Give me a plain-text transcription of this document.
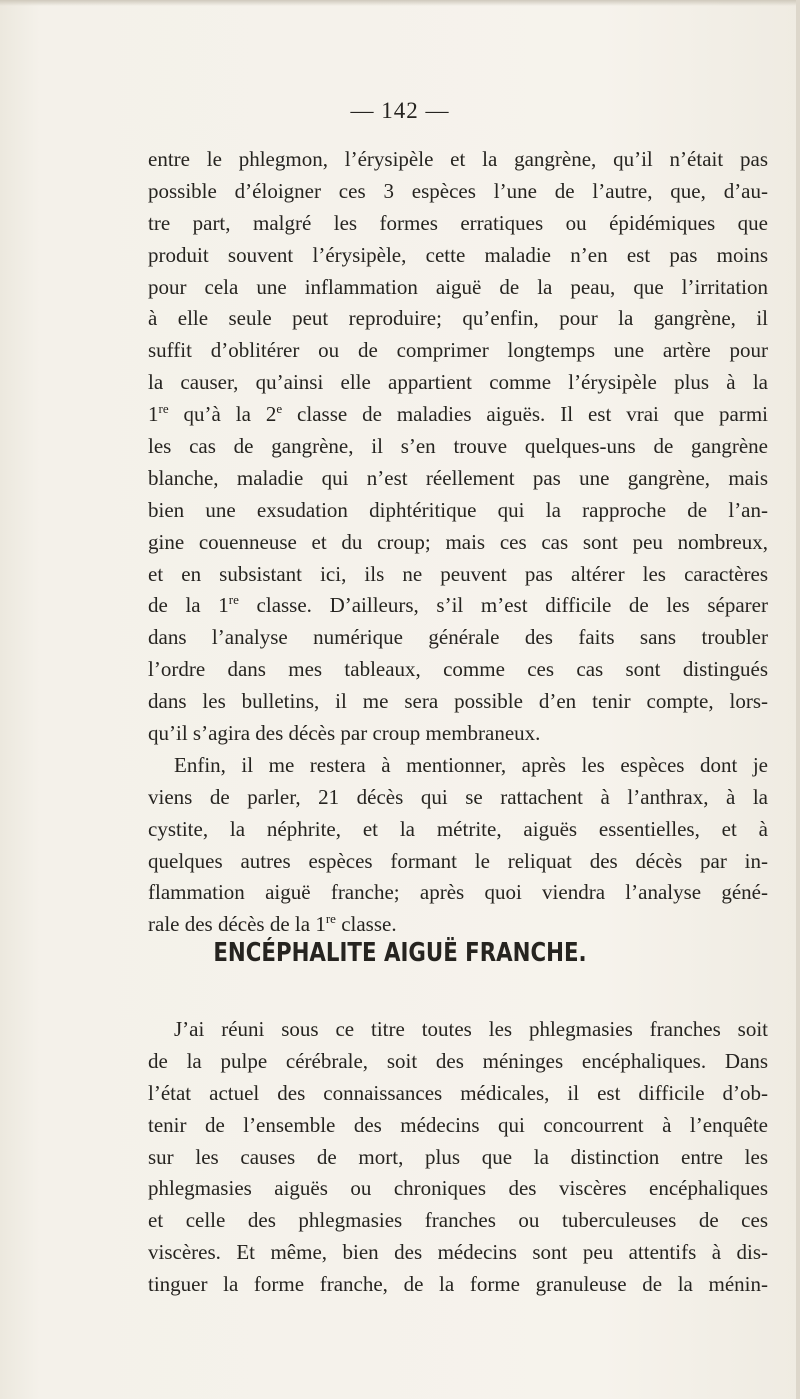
— 142 —
entre le phlegmon, l’érysipèle et la gangrène, qu’il n’était pas
possible d’éloigner ces 3 espèces l’une de l’autre, que, d’au-
tre part, malgré les formes erratiques ou épidémiques que
produit souvent l’érysipèle, cette maladie n’en est pas moins
pour cela une inflammation aiguë de la peau, que l’irritation
à elle seule peut reproduire; qu’enfin, pour la gangrène, il
suffit d’oblitérer ou de comprimer longtemps une artère pour
la causer, qu’ainsi elle appartient comme l’érysipèle plus à la
1re qu’à la 2e classe de maladies aiguës. Il est vrai que parmi
les cas de gangrène, il s’en trouve quelques-uns de gangrène
blanche, maladie qui n’est réellement pas une gangrène, mais
bien une exsudation diphtéritique qui la rapproche de l’an-
gine couenneuse et du croup; mais ces cas sont peu nombreux,
et en subsistant ici, ils ne peuvent pas altérer les caractères
de la 1re classe. D’ailleurs, s’il m’est difficile de les séparer
dans l’analyse numérique générale des faits sans troubler
l’ordre dans mes tableaux, comme ces cas sont distingués
dans les bulletins, il me sera possible d’en tenir compte, lors-
qu’il s’agira des décès par croup membraneux.
Enfin, il me restera à mentionner, après les espèces dont je
viens de parler, 21 décès qui se rattachent à l’anthrax, à la
cystite, la néphrite, et la métrite, aiguës essentielles, et à
quelques autres espèces formant le reliquat des décès par in-
flammation aiguë franche; après quoi viendra l’analyse géné-
rale des décès de la 1re classe.
ENCÉPHALITE AIGUË FRANCHE.
J’ai réuni sous ce titre toutes les phlegmasies franches soit
de la pulpe cérébrale, soit des méninges encéphaliques. Dans
l’état actuel des connaissances médicales, il est difficile d’ob-
tenir de l’ensemble des médecins qui concourrent à l’enquête
sur les causes de mort, plus que la distinction entre les
phlegmasies aiguës ou chroniques des viscères encéphaliques
et celle des phlegmasies franches ou tuberculeuses de ces
viscères. Et même, bien des médecins sont peu attentifs à dis-
tinguer la forme franche, de la forme granuleuse de la ménin-
